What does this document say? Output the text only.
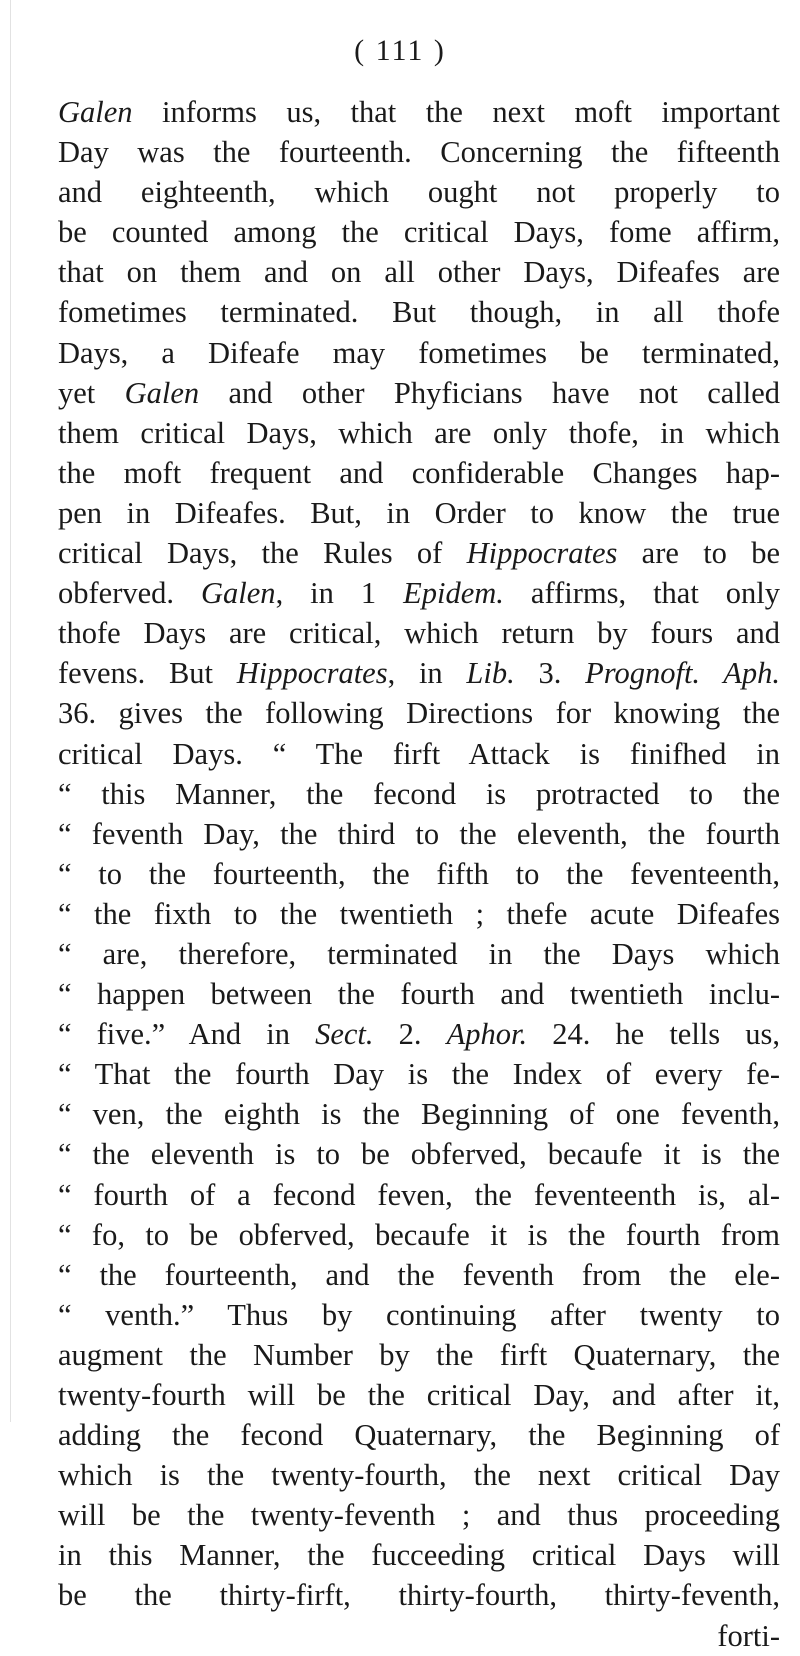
( 111 )
Galen informs us, that the next moft important
Day was the fourteenth. Concerning the fifteenth
and eighteenth, which ought not properly to
be counted among the critical Days, fome affirm,
that on them and on all other Days, Difeafes are
fometimes terminated. But though, in all thofe
Days, a Difeafe may fometimes be terminated,
yet Galen and other Phyficians have not called
them critical Days, which are only thofe, in which
the moft frequent and confiderable Changes hap-
pen in Difeafes. But, in Order to know the true
critical Days, the Rules of Hippocrates are to be
obferved. Galen, in 1 Epidem. affirms, that only
thofe Days are critical, which return by fours and
fevens. But Hippocrates, in Lib. 3. Prognoft. Aph.
36. gives the following Directions for knowing the
critical Days. “ The firft Attack is finifhed in
“ this Manner, the fecond is protracted to the
“ feventh Day, the third to the eleventh, the fourth
“ to the fourteenth, the fifth to the feventeenth,
“ the fixth to the twentieth ; thefe acute Difeafes
“ are, therefore, terminated in the Days which
“ happen between the fourth and twentieth inclu-
“ five.” And in Sect. 2. Aphor. 24. he tells us,
“ That the fourth Day is the Index of every fe-
“ ven, the eighth is the Beginning of one feventh,
“ the eleventh is to be obferved, becaufe it is the
“ fourth of a fecond feven, the feventeenth is, al-
“ fo, to be obferved, becaufe it is the fourth from
“ the fourteenth, and the feventh from the ele-
“ venth.” Thus by continuing after twenty to
augment the Number by the firft Quaternary, the
twenty-fourth will be the critical Day, and after it,
adding the fecond Quaternary, the Beginning of
which is the twenty-fourth, the next critical Day
will be the twenty-feventh ; and thus proceeding
in this Manner, the fucceeding critical Days will
be the thirty-firft, thirty-fourth, thirty-feventh,
forti-
